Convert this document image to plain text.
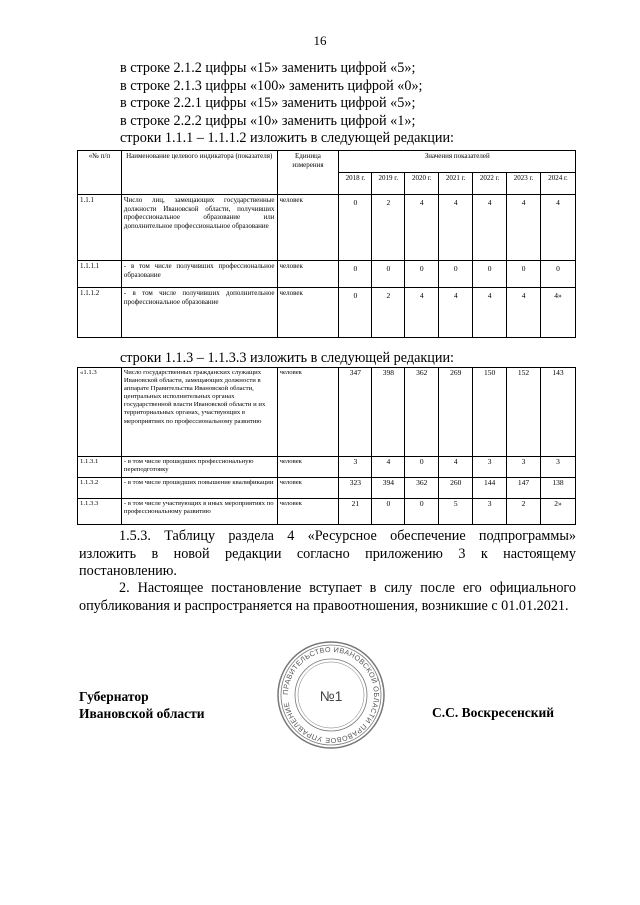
16
в строке 2.1.2 цифры «15» заменить цифрой «5»;
в строке 2.1.3 цифры «100» заменить цифрой «0»;
в строке 2.2.1 цифры «15» заменить цифрой «5»;
в строке 2.2.2 цифры «10» заменить цифрой «1»;
строки 1.1.1 – 1.1.1.2 изложить в следующей редакции:
«№ п/п	Наименование целевого индикатора (показателя)	Единица измерения	Значения показателей						
			2018 г.	2019 г.	2020 г.	2021 г.	2022 г.	2023 г.	2024 г.
1.1.1	Число лиц, замещающих государственные должности Ивановской области, получивших профессиональное образование или дополнительное профессиональное образование	человек	0	2	4	4	4	4	4
1.1.1.1	- в том числе получивших профессиональное образование	человек	0	0	0	0	0	0	0
1.1.1.2	- в том числе получивших дополнительное профессиональное образование	человек	0	2	4	4	4	4	4»
строки 1.1.3 – 1.1.3.3 изложить в следующей редакции:
«1.1.3	Число государственных гражданских служащих Ивановской области, замещающих должности в аппарате Правительства Ивановской области, центральных исполнительных органах государственной власти Ивановской области и их территориальных органах, участвующих в мероприятиях по профессиональному развитию	человек	347	398	362	269	150	152	143
1.1.3.1	- в том числе прошедших профессиональную переподготовку	человек	3	4	0	4	3	3	3
1.1.3.2	- в том числе прошедших повышение квалификации	человек	323	394	362	260	144	147	138
1.1.3.3	- в том числе участвующих в иных мероприятиях по профессиональному развитию	человек	21	0	0	5	3	2	2»
1.5.3. Таблицу раздела 4 «Ресурсное обеспечение подпрограммы» изложить в новой редакции согласно приложению 3 к настоящему постановлению.
2. Настоящее постановление вступает в силу после его официального опубликования и распространяется на правоотношения, возникшие с 01.01.2021.
ПРАВИТЕЛЬСТВО ИВАНОВСКОЙ ОБЛАСТИ ПРАВОВОЕ УПРАВЛЕНИЕ
№1
Губернатор
Ивановской области	С.С. Воскресенский
